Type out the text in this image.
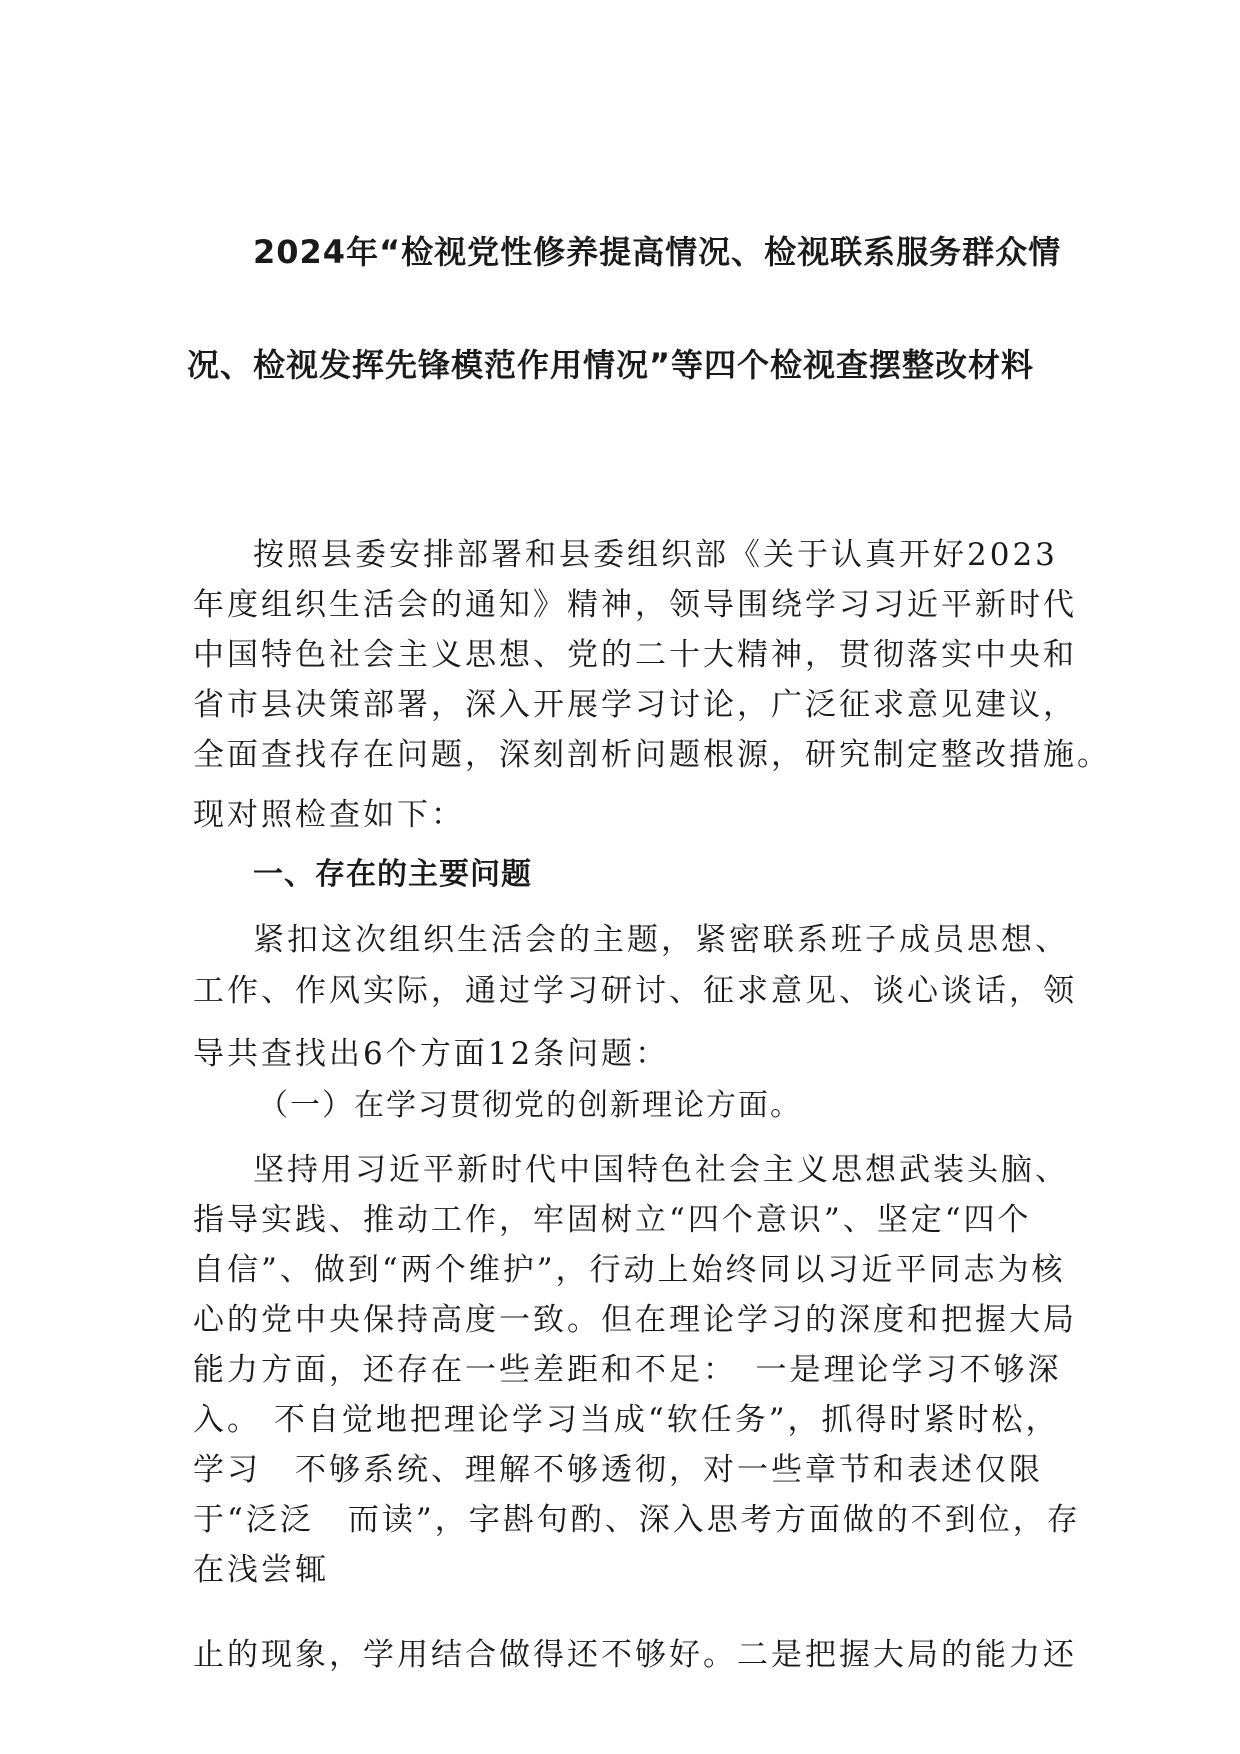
2024年“检视党性修养提高情况、检视联系服务群众情
况、检视发挥先锋模范作用情况”等四个检视查摆整改材料
按照县委安排部署和县委组织部《关于认真开好2023
年度组织生活会的通知》精神，领导围绕学习习近平新时代
中国特色社会主义思想、党的二十大精神，贯彻落实中央和
省市县决策部署，深入开展学习讨论，广泛征求意见建议，
全面查找存在问题，深刻剖析问题根源，研究制定整改措施。
现对照检查如下：
一、存在的主要问题
紧扣这次组织生活会的主题，紧密联系班子成员思想、
工作、作风实际，通过学习研讨、征求意见、谈心谈话，领
导共查找出6个方面12条问题：
（一）在学习贯彻党的创新理论方面。
坚持用习近平新时代中国特色社会主义思想武装头脑、
指导实践、推动工作，牢固树立“四个意识”、坚定“四个
自信”、做到“两个维护”，行动上始终同以习近平同志为核
心的党中央保持高度一致。但在理论学习的深度和把握大局
能力方面，还存在一些差距和不足：　一是理论学习不够深
入。 不自觉地把理论学习当成“软任务”，抓得时紧时松，
学习　不够系统、理解不够透彻，对一些章节和表述仅限
于“泛泛　而读”，字斟句酌、深入思考方面做的不到位，存
在浅尝辄
止的现象，学用结合做得还不够好。二是把握大局的能力还
